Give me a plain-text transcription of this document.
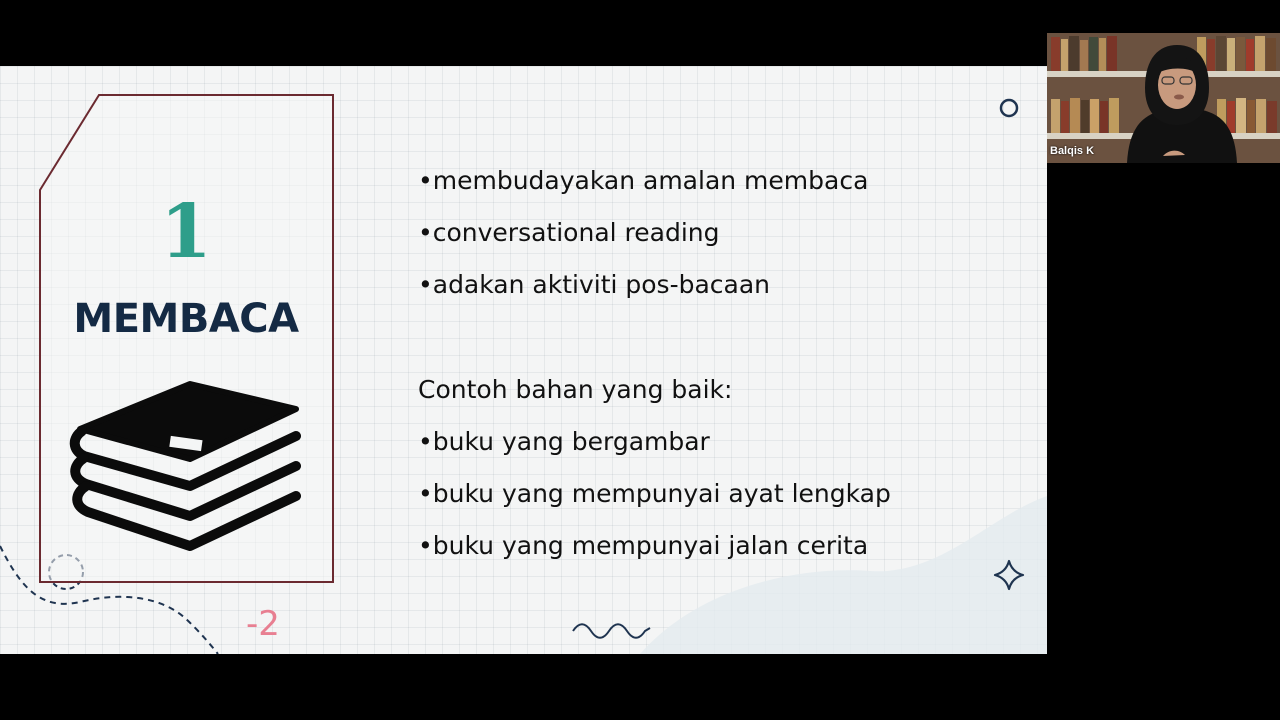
1
MEMBACA
-2
•membudayakan amalan membaca
•conversational reading
•adakan aktiviti pos-bacaan
Contoh bahan yang baik:
•buku yang bergambar
•buku yang mempunyai ayat lengkap
•buku yang mempunyai jalan cerita
Balqis K
